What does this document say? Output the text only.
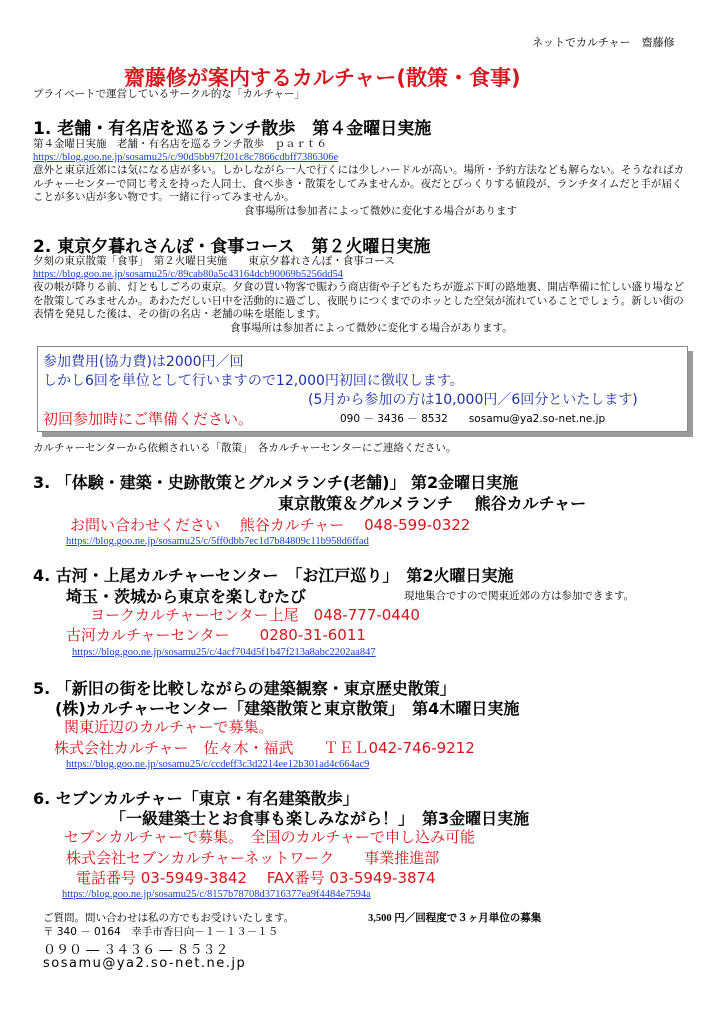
ネットでカルチャー　齋藤修
齋藤修が案内するカルチャー(散策・食事)
プライベートで運営しているサークル的な「カルチャー」
1. 老舗・有名店を巡るランチ散歩　第４金曜日実施
第４金曜日実施　老舗・有名店を巡るランチ散歩　ｐａｒｔ６
https://blog.goo.ne.jp/sosamu25/c/90d5bb97f201c8c7866cdbff7386306e
意外と東京近郊には気になる店が多い。しかしながら一人で行くには少しハードルが高い。場所・予約方法なども解らない。そうなればカルチャーセンターで同じ考えを持った人同士、食べ歩き・散策をしてみませんか。夜だとびっくりする値段が、ランチタイムだと手が届くことが多い店が多い物です。一緒に行ってみませんか。
食事場所は参加者によって微妙に変化する場合があります
2. 東京夕暮れさんぽ・食事コース　第２火曜日実施
夕刻の東京散策「食事」　第２火曜日実施　　東京夕暮れさんぽ・食事コース
https://blog.goo.ne.jp/sosamu25/c/89cab80a5c43164dcb90069b5256dd54
夜の帳が降りる前、灯ともしごろの東京。夕食の買い物客で賑わう商店街や子どもたちが遊ぶ下町の路地裏、開店準備に忙しい盛り場などを散策してみませんか。あわただしい日中を活動的に過ごし、夜眠りにつくまでのホッとした空気が流れていることでしょう。新しい街の表情を発見した後は、その街の名店・老舗の味を堪能します。
食事場所は参加者によって微妙に変化する場合があります。
参加費用(協力費)は2000円／回
しかし6回を単位として行いますので12,000円初回に徴収します。
(5月から参加の方は10,000円／6回分といたします)
初回参加時にご準備ください。	090 － 3436 － 8532　　sosamu@ya2.so-net.ne.jp
カルチャーセンターから依頼されいる「散策」　各カルチャーセンターにご連絡ください。
3. 「体験・建築・史跡散策とグルメランチ(老舗)」 第2金曜日実施
東京散策＆グルメランチ　 熊谷カルチャー
お問い合わせください　 熊谷カルチャー　 048-599-0322
https://blog.goo.ne.jp/sosamu25/c/5ff0dbb7ec1d7b84809c11b958d6ffad
4. 古河・上尾カルチャーセンター　「お江戸巡り」　第2火曜日実施
埼玉・茨城から東京を楽しむたび	現地集合ですので関東近郊の方は参加できます。
ヨークカルチャーセンター上尾　048-777-0440
古河カルチャーセンター　　0280-31-6011
https://blog.goo.ne.jp/sosamu25/c/4acf704d5f1b47f213a8abc2202aa847
5. 「新旧の街を比較しながらの建築観察・東京歴史散策」
(株)カルチャーセンター「建築散策と東京散策」　第4木曜日実施
関東近辺のカルチャーで募集。
株式会社カルチャー　佐々木・福武　　ＴＥＬ042-746-9212
https://blog.goo.ne.jp/sosamu25/c/ccdeff3c3d2214ee12b301ad4c664ac9
6. セブンカルチャー「東京・有名建築散歩」
「一級建築士とお食事も楽しみながら！」　第3金曜日実施
セブンカルチャーで募集。　全国のカルチャーで申し込み可能
株式会社セブンカルチャーネットワーク　　事業推進部
電話番号 03-5949-3842　 FAX番号 03-5949-3874
https://blog.goo.ne.jp/sosamu25/c/8157b78708d3716377ea9f4484e7594a
ご質問。問い合わせは私の方でもお受けいたします。	3,500 円／回程度で３ヶ月単位の募集
〒 340 － 0164　幸手市香日向－１－１３－１５
０９０ ― ３４３６ ― ８５３２
sosamu@ya2.so-net.ne.jp
